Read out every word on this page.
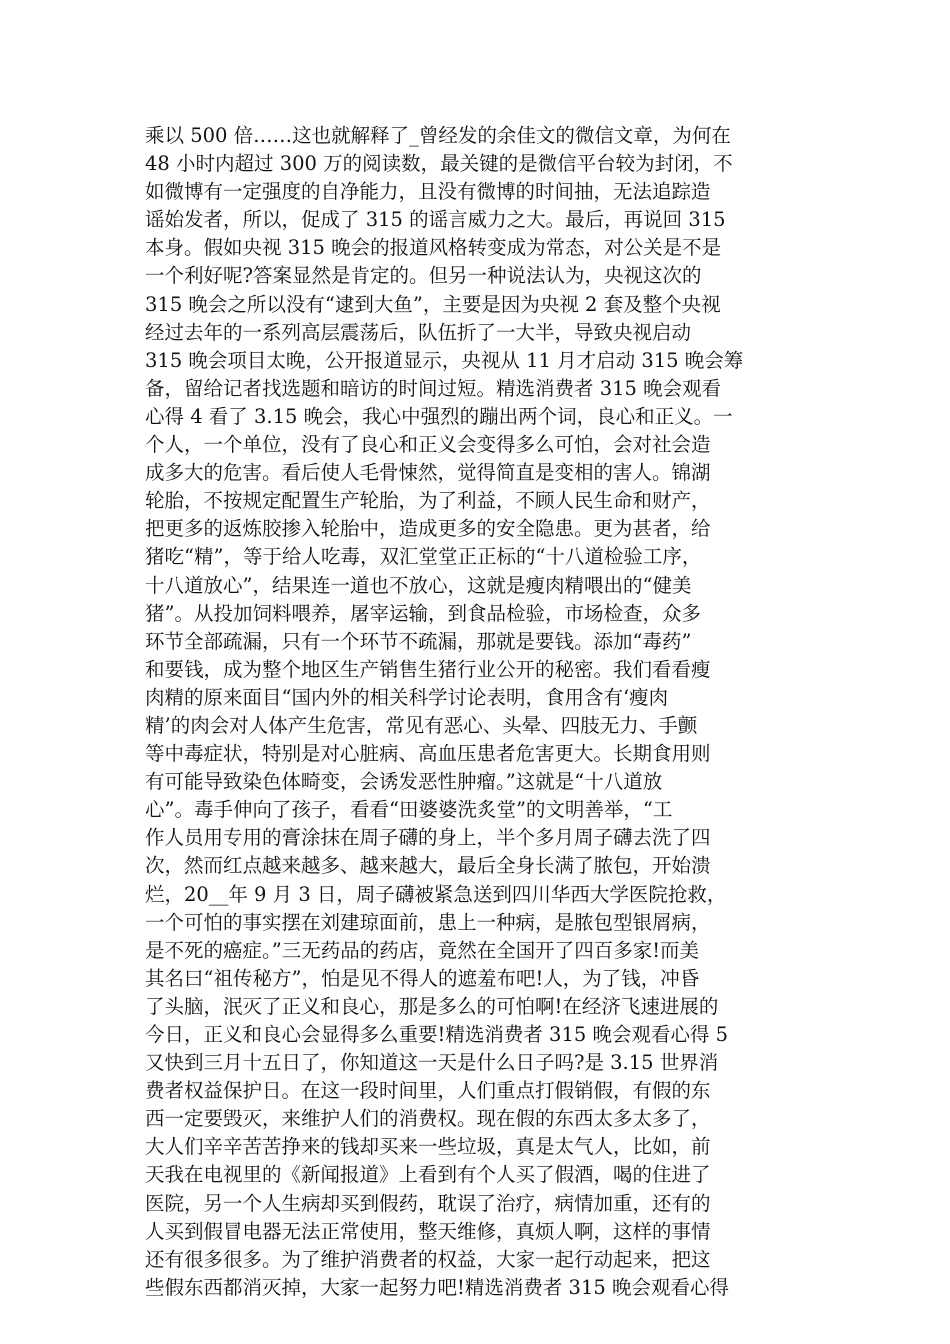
乘以 500 倍……这也就解释了_曾经发的余佳文的微信文章，为何在
48 小时内超过 300 万的阅读数，最关键的是微信平台较为封闭，不
如微博有一定强度的自净能力，且没有微博的时间抽，无法追踪造
谣始发者，所以，促成了 315 的谣言威力之大。最后，再说回 315
本身。假如央视 315 晚会的报道风格转变成为常态，对公关是不是
一个利好呢?答案显然是肯定的。但另一种说法认为，央视这次的
315 晚会之所以没有“逮到大鱼”，主要是因为央视 2 套及整个央视
经过去年的一系列高层震荡后，队伍折了一大半，导致央视启动
315 晚会项目太晚，公开报道显示，央视从 11 月才启动 315 晚会筹
备，留给记者找选题和暗访的时间过短。精选消费者 315 晚会观看
心得 4 看了 3.15 晚会，我心中强烈的蹦出两个词，良心和正义。一
个人，一个单位，没有了良心和正义会变得多么可怕，会对社会造
成多大的危害。看后使人毛骨悚然，觉得简直是变相的害人。锦湖
轮胎，不按规定配置生产轮胎，为了利益，不顾人民生命和财产，
把更多的返炼胶掺入轮胎中，造成更多的安全隐患。更为甚者，给
猪吃“精”，等于给人吃毒，双汇堂堂正正标的“十八道检验工序，
十八道放心”，结果连一道也不放心，这就是瘦肉精喂出的“健美
猪”。从投加饲料喂养，屠宰运输，到食品检验，市场检查，众多
环节全部疏漏，只有一个环节不疏漏，那就是要钱。添加“毒药”
和要钱，成为整个地区生产销售生猪行业公开的秘密。我们看看瘦
肉精的原来面目“国内外的相关科学讨论表明，食用含有‘瘦肉
精’的肉会对人体产生危害，常见有恶心、头晕、四肢无力、手颤
等中毒症状，特别是对心脏病、高血压患者危害更大。长期食用则
有可能导致染色体畸变，会诱发恶性肿瘤。”这就是“十八道放
心”。毒手伸向了孩子，看看“田婆婆洗炙堂”的文明善举，“工
作人员用专用的膏涂抹在周子礴的身上，半个多月周子礴去洗了四
次，然而红点越来越多、越来越大，最后全身长满了脓包，开始溃
烂，20__年 9 月 3 日，周子礴被紧急送到四川华西大学医院抢救，
一个可怕的事实摆在刘建琼面前，患上一种病，是脓包型银屑病，
是不死的癌症。”三无药品的药店，竟然在全国开了四百多家!而美
其名曰“祖传秘方”，怕是见不得人的遮羞布吧!人，为了钱，冲昏
了头脑，泯灭了正义和良心，那是多么的可怕啊!在经济飞速进展的
今日，正义和良心会显得多么重要!精选消费者 315 晚会观看心得 5
又快到三月十五日了，你知道这一天是什么日子吗?是 3.15 世界消
费者权益保护日。在这一段时间里，人们重点打假销假，有假的东
西一定要毁灭，来维护人们的消费权。现在假的东西太多太多了，
大人们辛辛苦苦挣来的钱却买来一些垃圾，真是太气人，比如，前
天我在电视里的《新闻报道》上看到有个人买了假酒，喝的住进了
医院，另一个人生病却买到假药，耽误了治疗，病情加重，还有的
人买到假冒电器无法正常使用，整天维修，真烦人啊，这样的事情
还有很多很多。为了维护消费者的权益，大家一起行动起来，把这
些假东西都消灭掉，大家一起努力吧!精选消费者 315 晚会观看心得
